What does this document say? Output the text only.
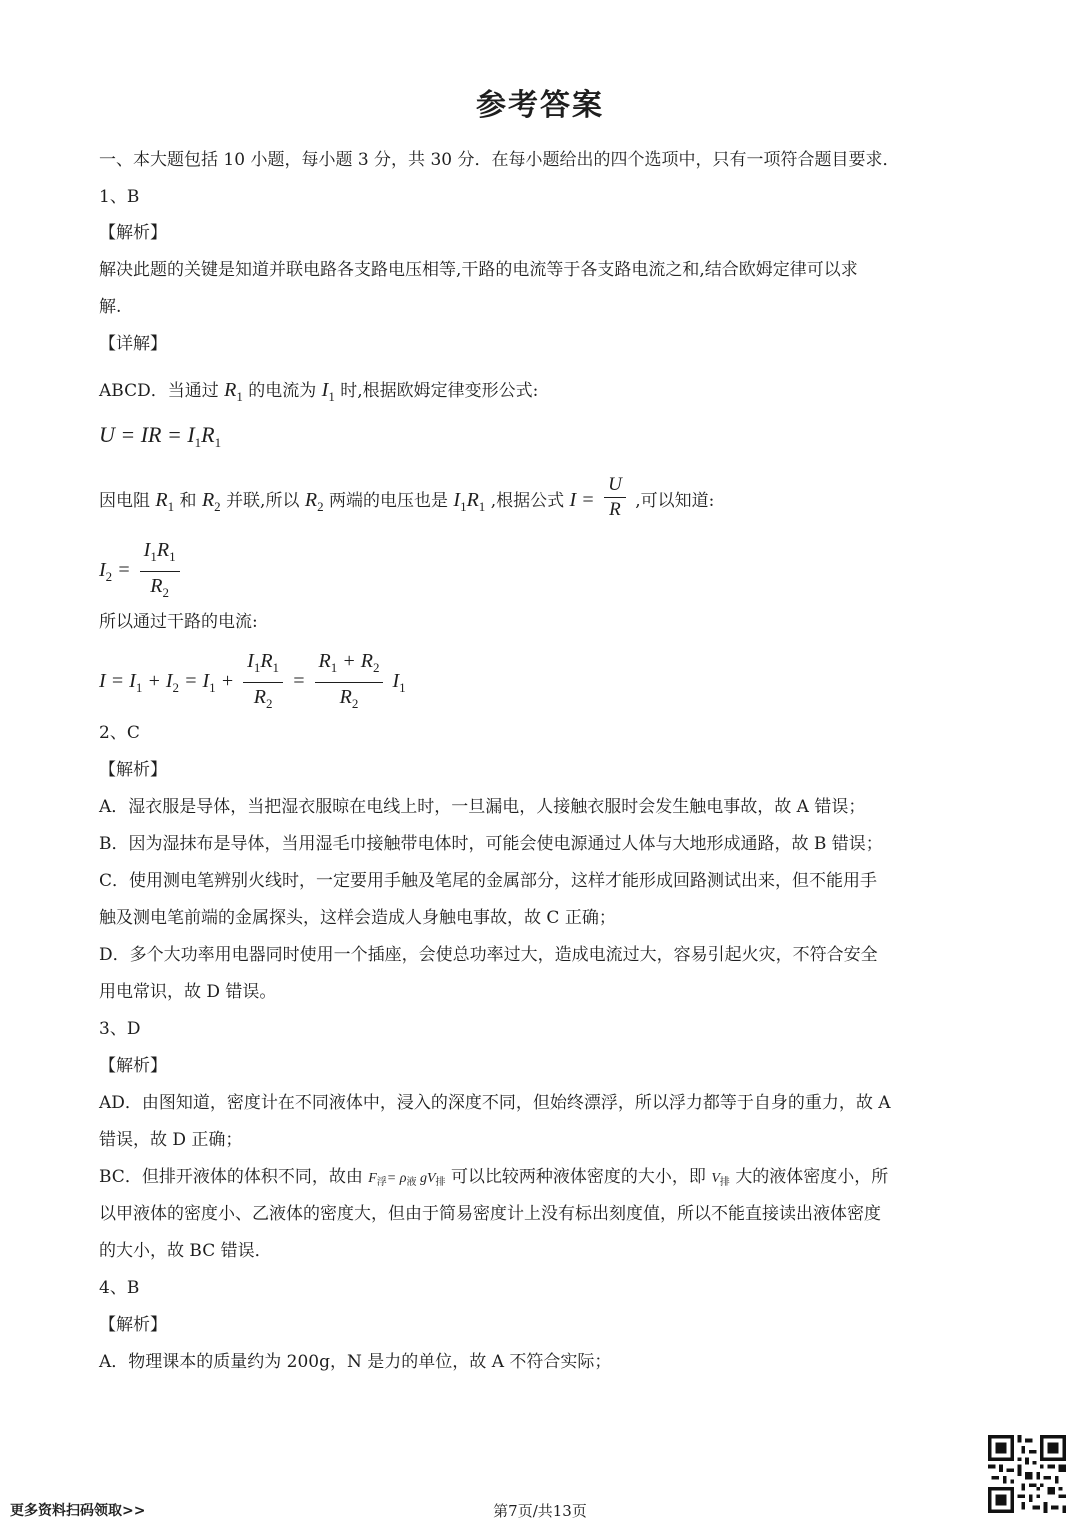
参考答案
一、本大题包括 10 小题，每小题 3 分，共 30 分．在每小题给出的四个选项中，只有一项符合题目要求．
1、B
【解析】
解决此题的关键是知道并联电路各支路电压相等,干路的电流等于各支路电流之和,结合欧姆定律可以求
解.
【详解】
ABCD．当通过 $R_1$ 的电流为 $I_1$ 时,根据欧姆定律变形公式:
U = IR = $I_1R_1$
因电阻 $R_1$ 和 $R_2$ 并联,所以 $R_2$ 两端的电压也是 $I_1R_1$ ,根据公式 $I = \frac{U}{R}$ ,可以知道:
$I_2 = \frac{I_1R_1}{R_2}$
所以通过干路的电流:
$I = I_1 + I_2 = I_1 + \frac{I_1R_1}{R_2} = \frac{R_1 + R_2}{R_2} I_1$
2、C
【解析】
A．湿衣服是导体，当把湿衣服晾在电线上时，一旦漏电，人接触衣服时会发生触电事故，故 A 错误；
B．因为湿抹布是导体，当用湿毛巾接触带电体时，可能会使电源通过人体与大地形成通路，故 B 错误；
C．使用测电笔辨别火线时，一定要用手触及笔尾的金属部分，这样才能形成回路测试出来，但不能用手
触及测电笔前端的金属探头，这样会造成人身触电事故，故 C 正确；
D．多个大功率用电器同时使用一个插座，会使总功率过大，造成电流过大，容易引起火灾，不符合安全
用电常识，故 D 错误。
3、D
【解析】
AD．由图知道，密度计在不同液体中，浸入的深度不同，但始终漂浮，所以浮力都等于自身的重力，故 A
错误，故 D 正确；
BC．但排开液体的体积不同，故由 $F_浮= \rho_液$ $gV_排$ 可以比较两种液体密度的大小，即 $V_排$ 大的液体密度小，所
以甲液体的密度小、乙液体的密度大，但由于简易密度计上没有标出刻度值，所以不能直接读出液体密度
的大小，故 BC 错误．
4、B
【解析】
A．物理课本的质量约为 200g，N 是力的单位，故 A 不符合实际；
更多资料扫码领取>>	第7页/共13页
